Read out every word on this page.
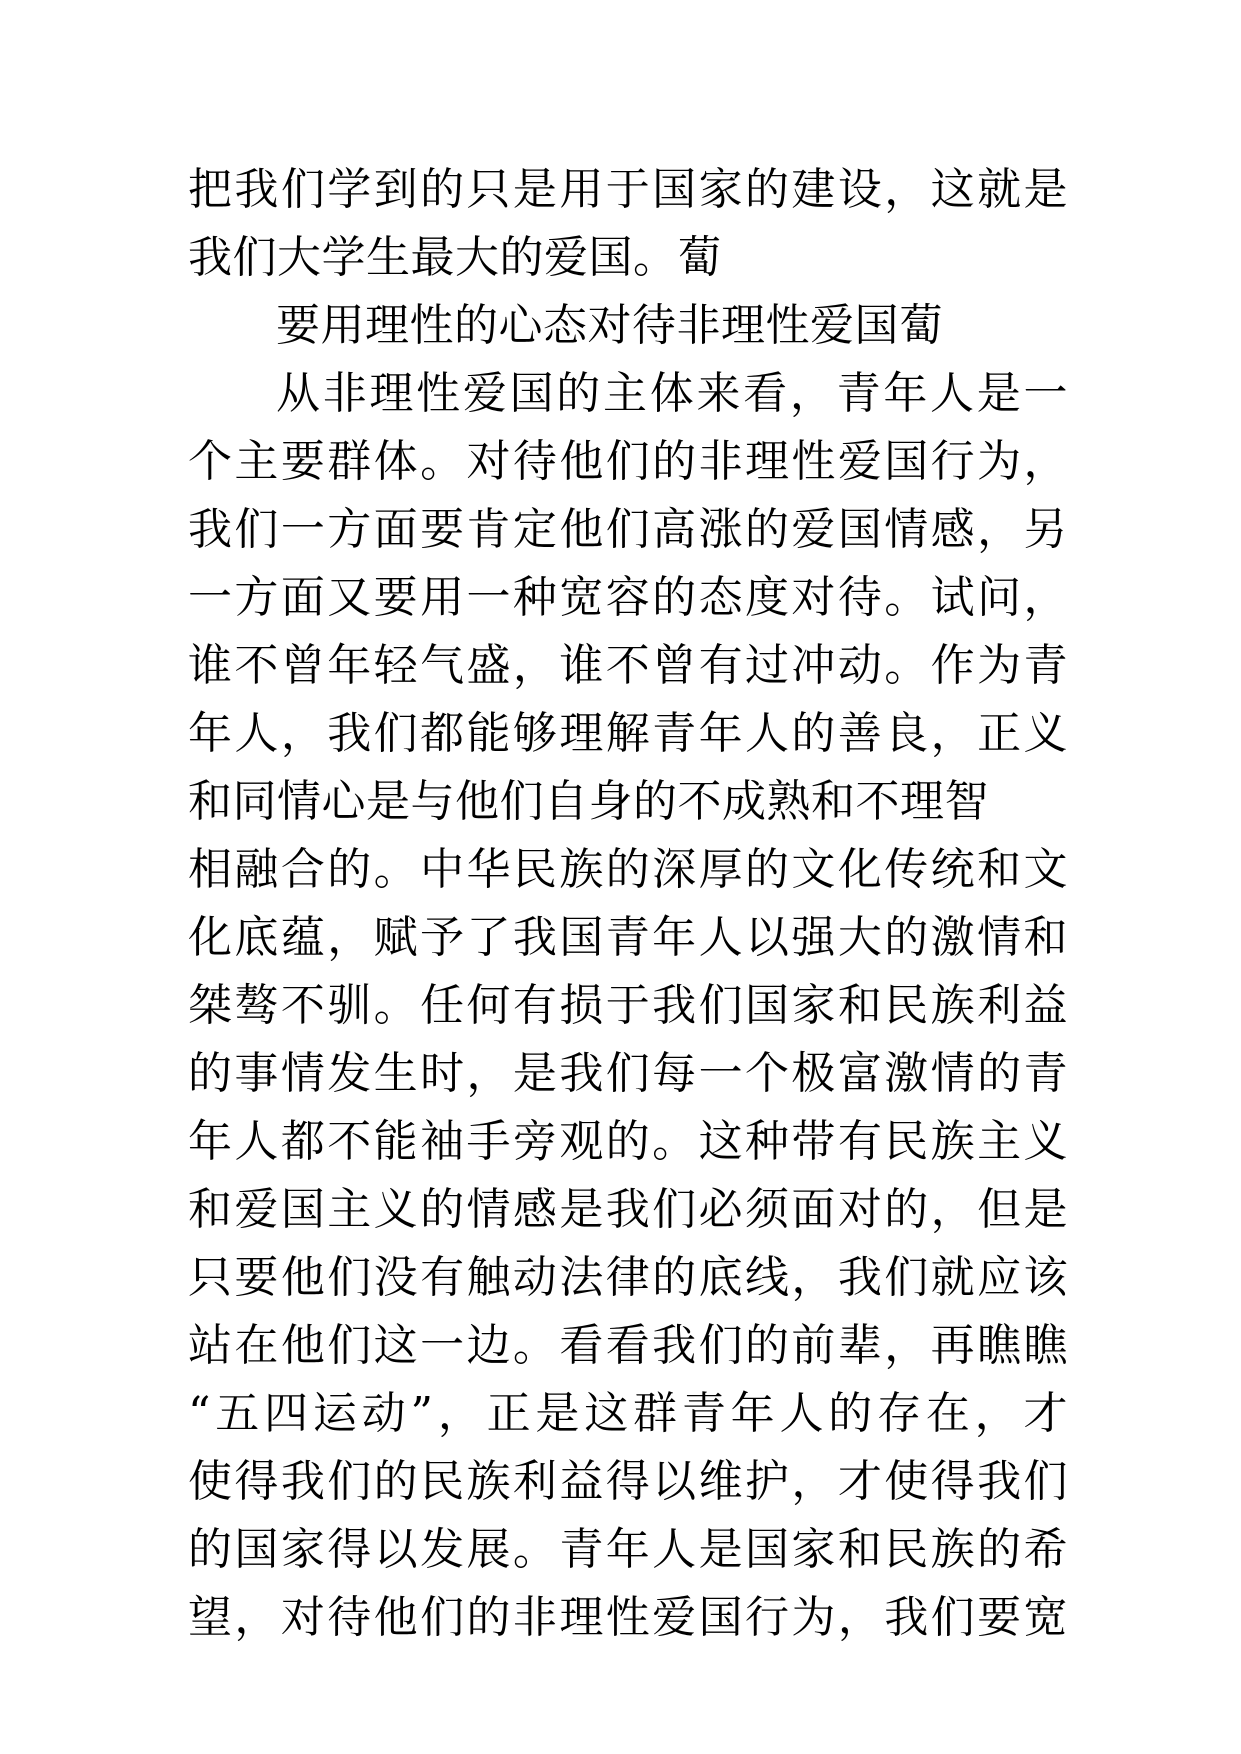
把我们学到的只是用于国家的建设，这就是
我们大学生最大的爱国。蔔
要用理性的心态对待非理性爱国蔔
从非理性爱国的主体来看，青年人是一
个主要群体。对待他们的非理性爱国行为，
我们一方面要肯定他们高涨的爱国情感，另
一方面又要用一种宽容的态度对待。试问，
谁不曾年轻气盛，谁不曾有过冲动。作为青
年人，我们都能够理解青年人的善良，正义
和同情心是与他们自身的不成熟和不理智
相融合的。中华民族的深厚的文化传统和文
化底蕴，赋予了我国青年人以强大的激情和
桀骜不驯。任何有损于我们国家和民族利益
的事情发生时，是我们每一个极富激情的青
年人都不能袖手旁观的。这种带有民族主义
和爱国主义的情感是我们必须面对的，但是
只要他们没有触动法律的底线，我们就应该
站在他们这一边。看看我们的前辈，再瞧瞧
“五四运动”，正是这群青年人的存在，才
使得我们的民族利益得以维护，才使得我们
的国家得以发展。青年人是国家和民族的希
望，对待他们的非理性爱国行为，我们要宽
